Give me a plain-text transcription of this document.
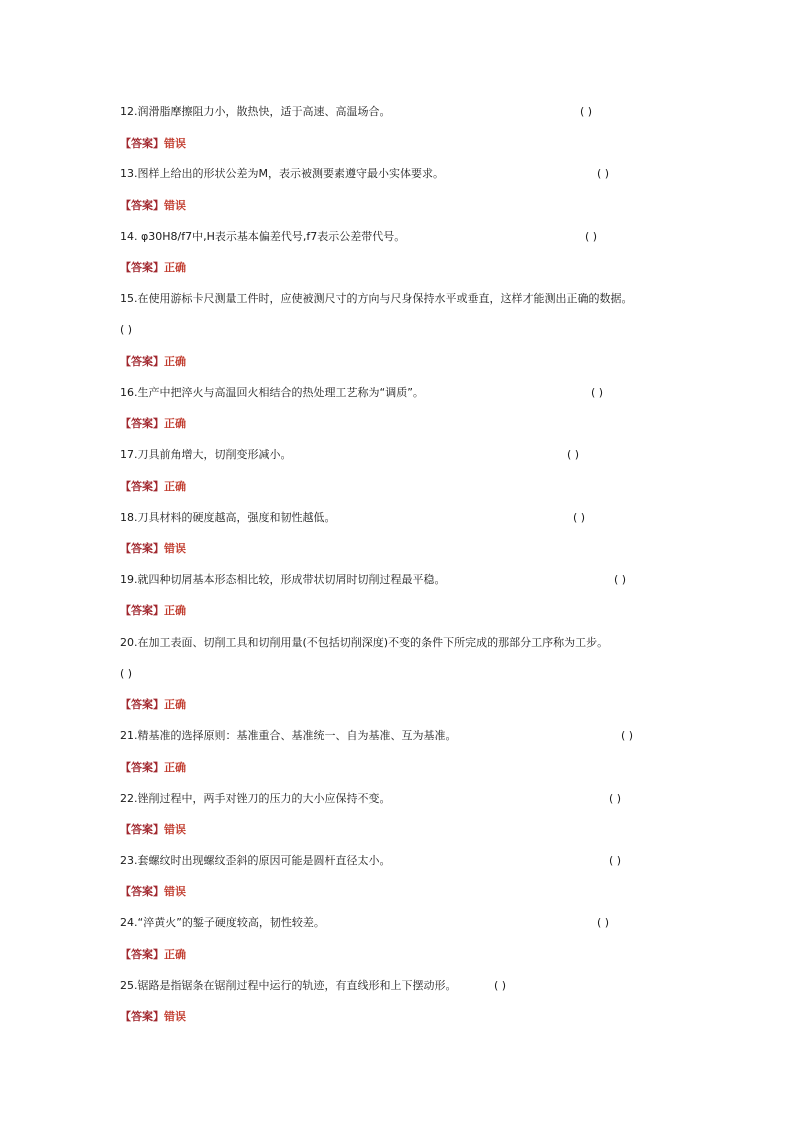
12.润滑脂摩擦阻力小，散热快，适于高速、高温场合。	( )
【答案】错误
13.图样上给出的形状公差为M，表示被测要素遵守最小实体要求。	( )
【答案】错误
14. φ30H8/f7中,H表示基本偏差代号,f7表示公差带代号。	( )
【答案】正确
15.在使用游标卡尺测量工件时，应使被测尺寸的方向与尺身保持水平或垂直，这样才能测出正确的数据。
( )
【答案】正确
16.生产中把淬火与高温回火相结合的热处理工艺称为“调质”。	( )
【答案】正确
17.刀具前角增大，切削变形减小。	( )
【答案】正确
18.刀具材料的硬度越高，强度和韧性越低。	( )
【答案】错误
19.就四种切屑基本形态相比较，形成带状切屑时切削过程最平稳。	( )
【答案】正确
20.在加工表面、切削工具和切削用量(不包括切削深度)不变的条件下所完成的那部分工序称为工步。
( )
【答案】正确
21.精基准的选择原则：基准重合、基准统一、自为基准、互为基准。	( )
【答案】正确
22.锉削过程中，两手对锉刀的压力的大小应保持不变。	( )
【答案】错误
23.套螺纹时出现螺纹歪斜的原因可能是圆杆直径太小。	( )
【答案】错误
24.“淬黄火”的錾子硬度较高，韧性较差。	( )
【答案】正确
25.锯路是指锯条在锯削过程中运行的轨迹，有直线形和上下摆动形。	( )
【答案】错误
